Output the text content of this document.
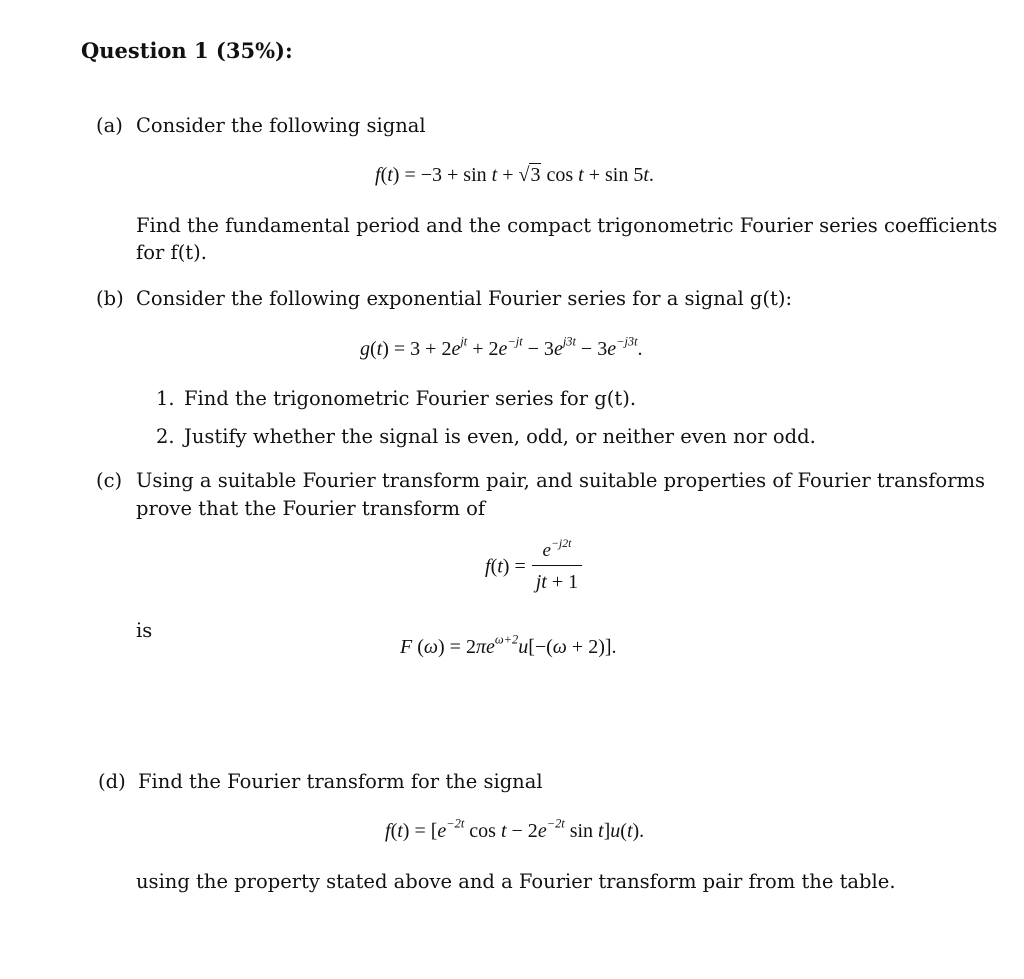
Question 1 (35%):
(a) Consider the following signal
f(t) = −3 + sin t + √3 cos t + sin 5t.
Find the fundamental period and the compact trigonometric Fourier series coefficients
for f(t).
(b) Consider the following exponential Fourier series for a signal g(t):
$g(t) = 3 + 2e^{jt} + 2e^{-jt} - 3e^{j3t} - 3e^{-j3t}$.
1. Find the trigonometric Fourier series for g(t).
2. Justify whether the signal is even, odd, or neither even nor odd.
(c) Using a suitable Fourier transform pair, and suitable properties of Fourier transforms
prove that the Fourier transform of
$f(t) = \frac{e^{-j2t}}{jt + 1}$
is
F $(\omega) = 2\pi e^{\omega+2}u[-(\omega + 2)]$.
(d) Find the Fourier transform for the signal
$f(t) = [e^{-2t}$ $\cos t - 2e^{-2t}$ sin t]u(t).
using the property stated above and a Fourier transform pair from the table.
